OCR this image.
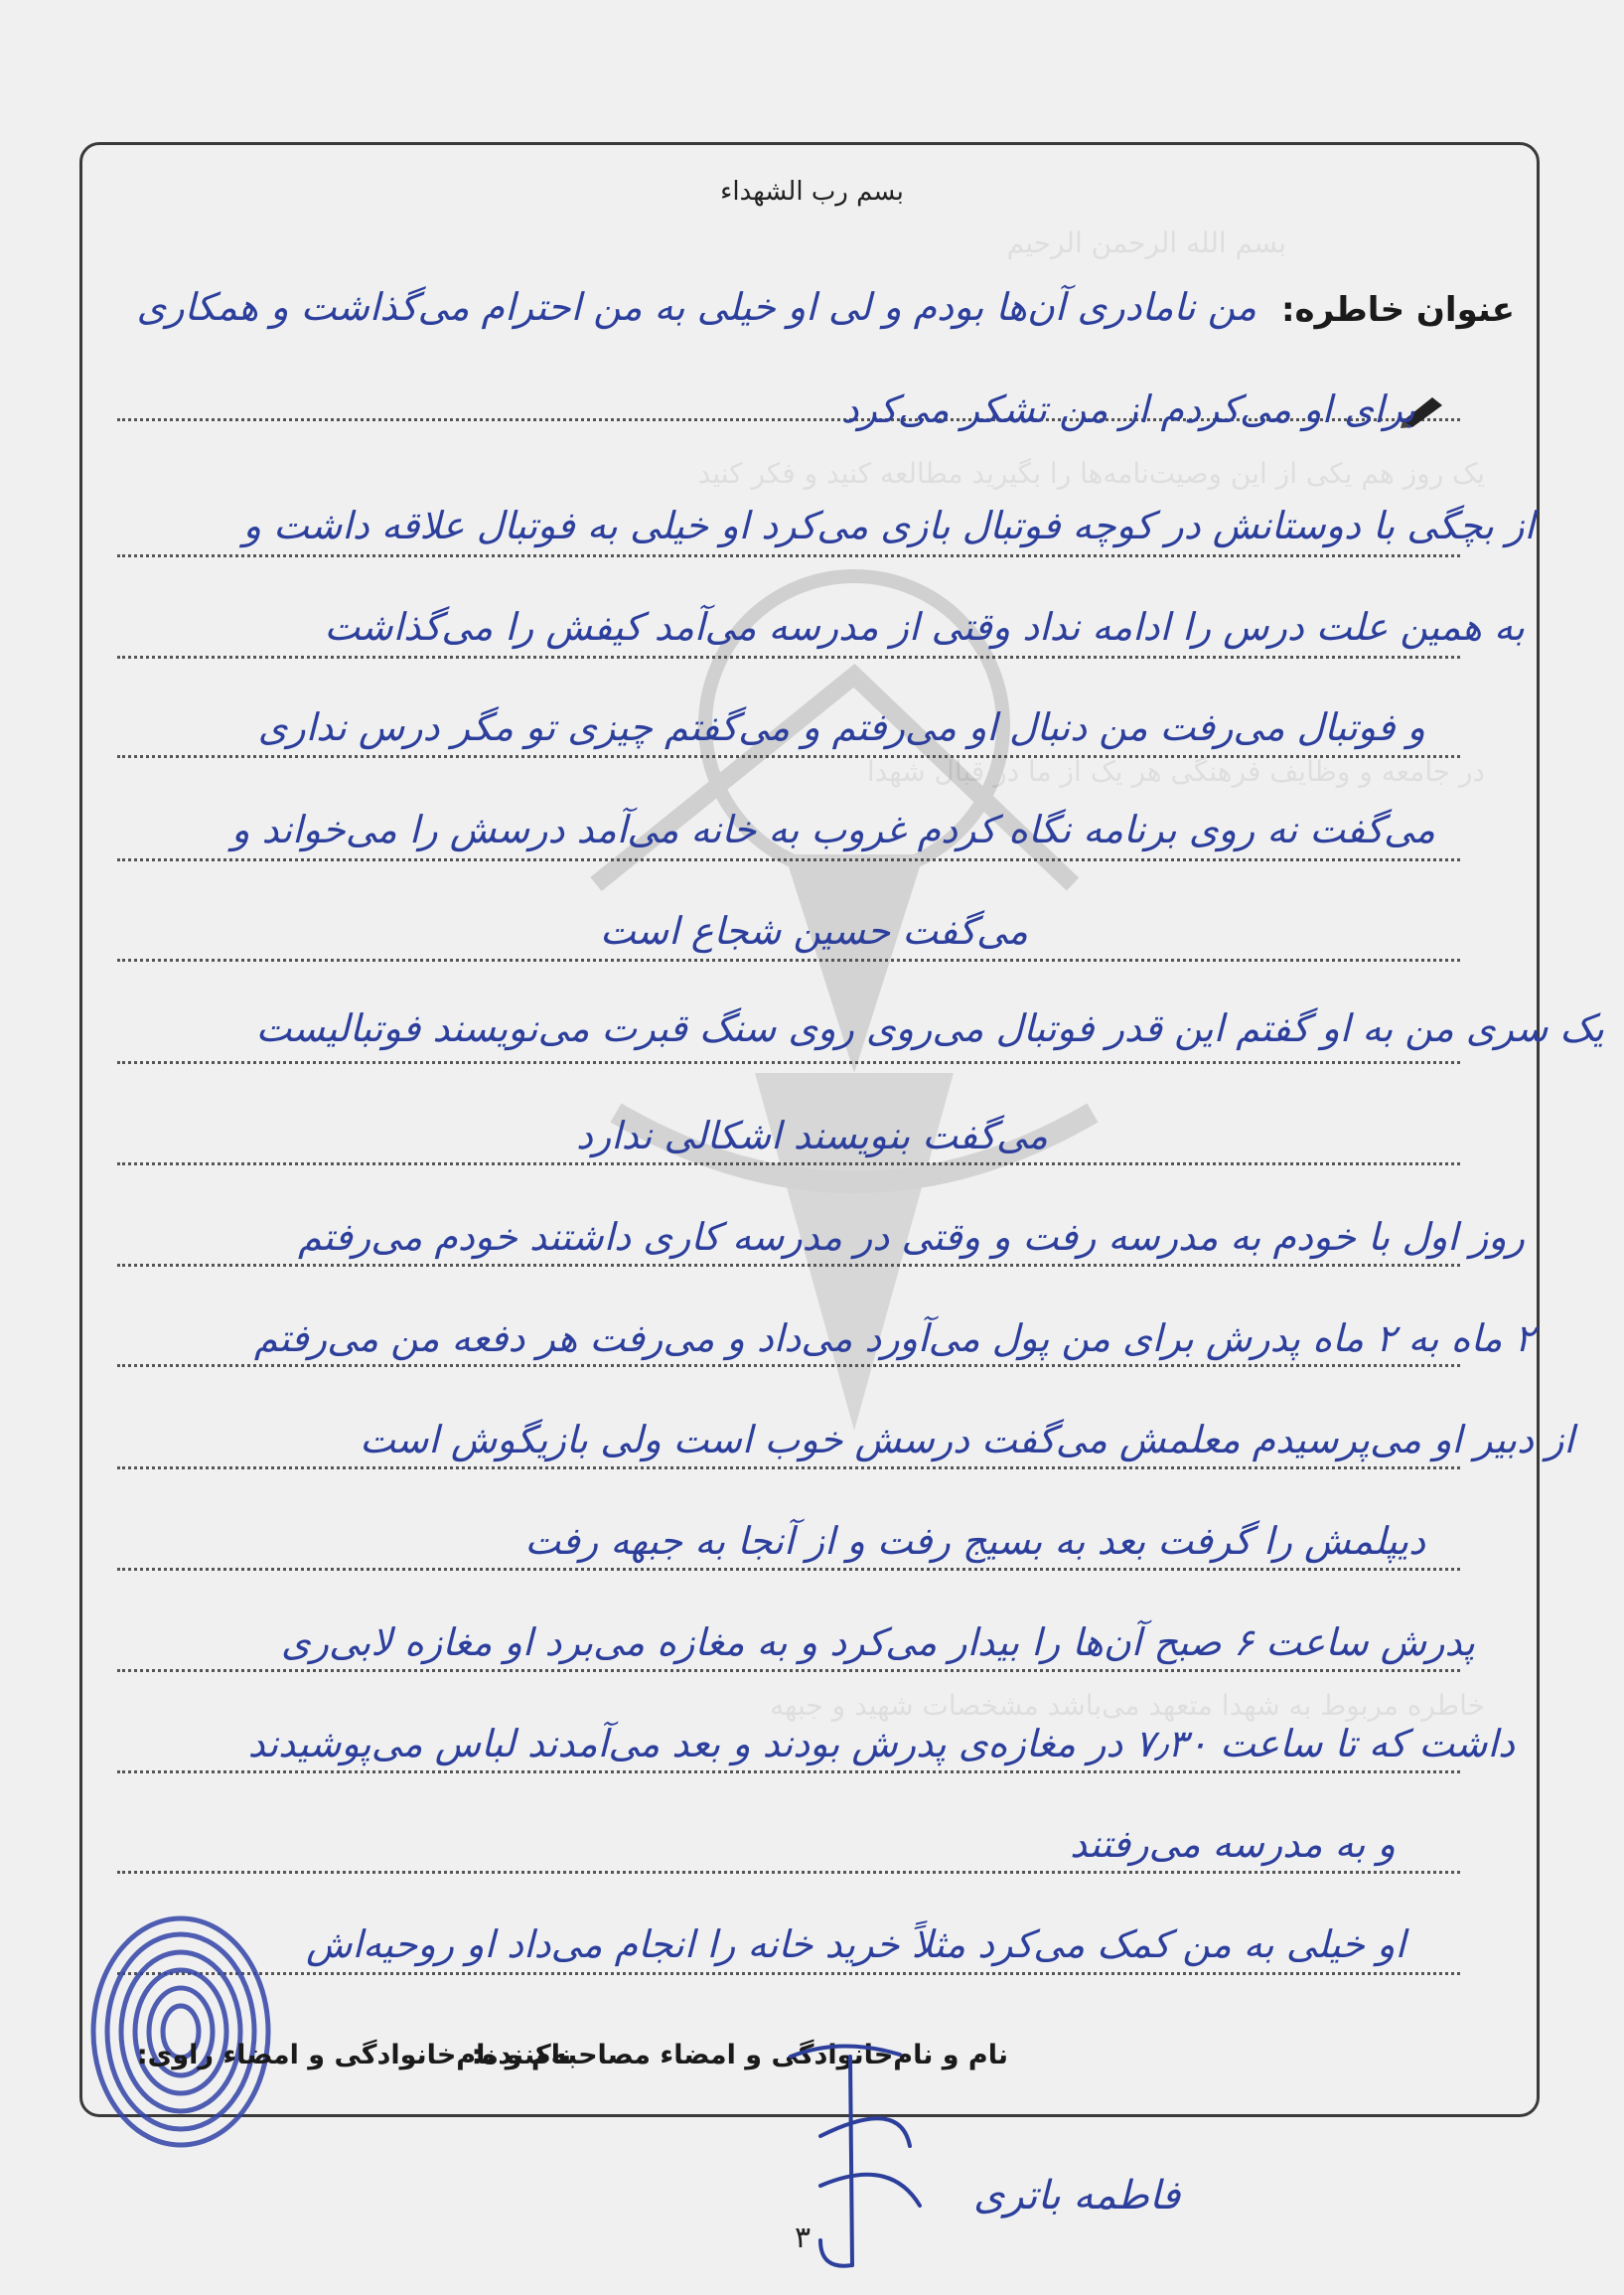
بسم الله الرحمن الرحیم
یک روز هم یکی از این وصیت‌نامه‌ها را بگیرید مطالعه کنید و فکر کنید
در جامعه و وظایف فرهنگی هر یک از ما در قبال شهدا
خاطره مربوط به شهدا متعهد می‌باشد مشخصات شهید و جبهه
بسم رب الشهداء
عنوان خاطره:
من نامادری آن‌ها بودم و لی او خیلی به من احترام می‌گذاشت و همکاری
برای او می‌کردم از من تشکر می‌کرد
از بچگی با دوستانش در کوچه فوتبال بازی می‌کرد او خیلی به فوتبال علاقه داشت و
به همین علت درس را ادامه نداد وقتی از مدرسه می‌آمد کیفش را می‌گذاشت
و فوتبال می‌رفت من دنبال او می‌رفتم و می‌گفتم چیزی تو مگر درس نداری
می‌گفت نه روی برنامه نگاه کردم غروب به خانه می‌آمد درسش را می‌خواند و
می‌گفت حسین شجاع است
یک سری من به او گفتم این قدر فوتبال می‌روی روی سنگ قبرت می‌نویسند فوتبالیست
می‌گفت بنویسند اشکالی ندارد
روز اول با خودم به مدرسه رفت و وقتی در مدرسه کاری داشتند خودم می‌رفتم
۲ ماه به ۲ ماه پدرش برای من پول می‌آورد می‌داد و می‌رفت هر دفعه من می‌رفتم
از دبیر او می‌پرسیدم معلمش می‌گفت درسش خوب است ولی بازیگوش است
دیپلمش را گرفت بعد به بسیج رفت و از آنجا به جبهه رفت
پدرش ساعت ۶ صبح آن‌ها را بیدار می‌کرد و به مغازه می‌برد او مغازه لابی‌ری
داشت که تا ساعت ۷٫۳۰ در مغازه‌ی پدرش بودند و بعد می‌آمدند لباس می‌پوشیدند
و به مدرسه می‌رفتند
او خیلی به من کمک می‌کرد مثلاً خرید خانه را انجام می‌داد او روحیه‌اش
نام و نام‌خانوادگی و امضاء مصاحبه‌کننده:
نام و نام‌خانوادگی و امضاء راوی:
فاطمه باتری
۳
